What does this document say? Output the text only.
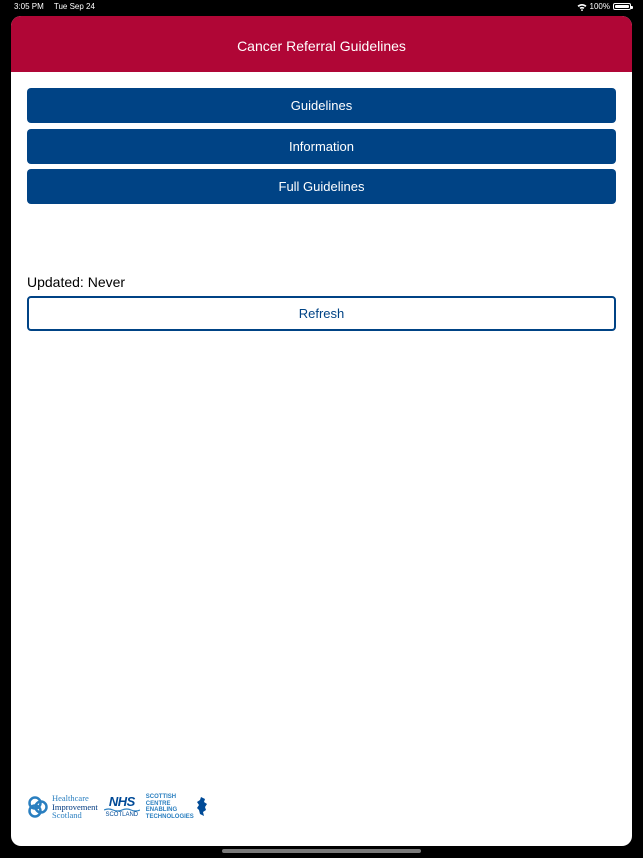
3:05 PM Tue Sep 24	100%
Cancer Referral Guidelines
Guidelines
Information
Full Guidelines
Updated: Never
Refresh
Healthcare
Improvement
Scotland
NHS
SCOTLAND
SCOTTISH
CENTRE
ENABLING
TECHNOLOGIES
